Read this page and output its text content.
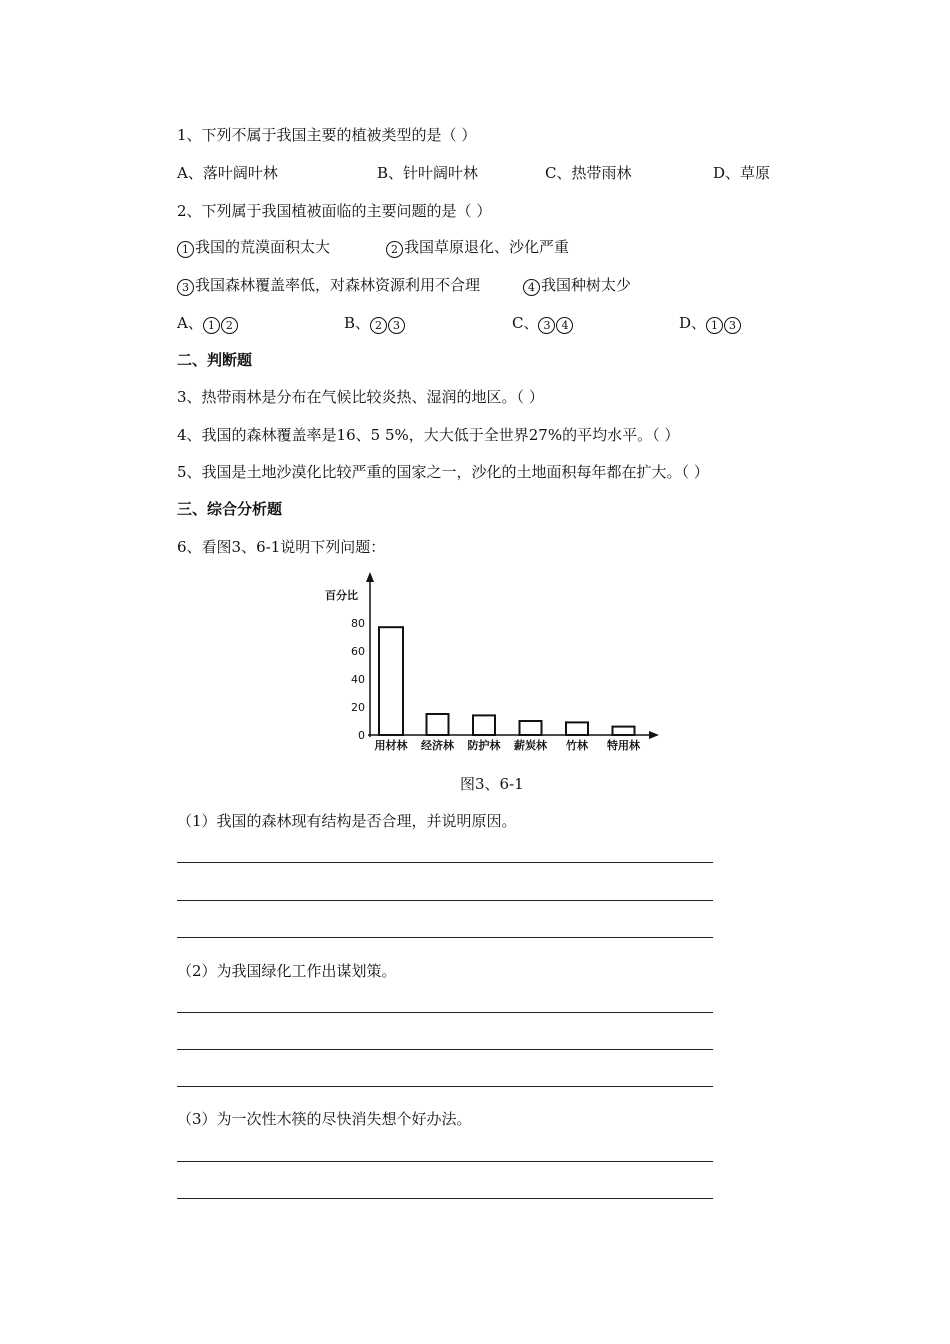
1、下列不属于我国主要的植被类型的是（ ）
A、落叶阔叶林	B、针叶阔叶林	C、热带雨林	D、草原
2、下列属于我国植被面临的主要问题的是（ ）
1 我国的荒漠面积太大	2 我国草原退化、沙化严重
3 我国森林覆盖率低，对森林资源利用不合理	4 我国种树太少
A、 1 2	B、 2 3	C、 3 4	D、 1 3
二、判断题
3、热带雨林是分布在气候比较炎热、湿润的地区。（ ）
4、我国的森林覆盖率是16、5 5%，大大低于全世界27%的平均水平。（ ）
5、我国是土地沙漠化比较严重的国家之一，沙化的土地面积每年都在扩大。（ ）
三、综合分析题
6、看图3、6-1说明下列问题：
百分比
0
20
40
60
80
用材林 经济林 防护林 薪炭林 竹林 特用林
图3、6-1
（1）我国的森林现有结构是否合理，并说明原因。
（2）为我国绿化工作出谋划策。
（3）为一次性木筷的尽快消失想个好办法。
